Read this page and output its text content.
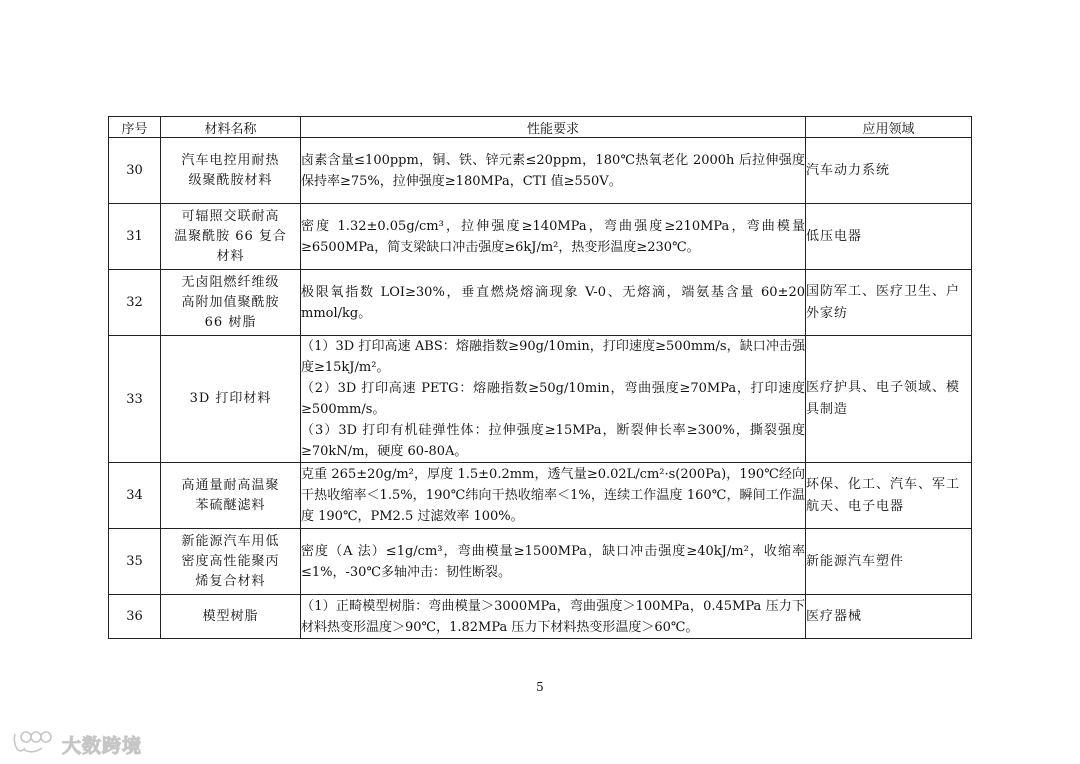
序号	材料名称	性能要求	应用领域
30	汽车电控用耐热
级聚酰胺材料	卤素含量≤100ppm，铜、铁、锌元素≤20ppm，180℃热氧老化 2000h 后拉伸强度保持率≥75%，拉伸强度≥180MPa，CTI 值≥550V。	汽车动力系统
31	可辐照交联耐高
温聚酰胺 66 复合
材料	密度 1.32±0.05g/cm³，拉伸强度≥140MPa，弯曲强度≥210MPa，弯曲模量≥6500MPa，简支梁缺口冲击强度≥6kJ/m²，热变形温度≥230℃。	低压电器
32	无卤阻燃纤维级
高附加值聚酰胺
66 树脂	极限氧指数 LOI≥30%，垂直燃烧熔滴现象 V-0、无熔滴，端氨基含量 60±20 mmol/kg。	国防军工、医疗卫生、户外家纺
33	3D 打印材料	（1）3D 打印高速 ABS：熔融指数≥90g/10min，打印速度≥500mm/s，缺口冲击强度≥15kJ/m²。
（2）3D 打印高速 PETG：熔融指数≥50g/10min，弯曲强度≥70MPa，打印速度≥500mm/s。
（3）3D 打印有机硅弹性体：拉伸强度≥15MPa，断裂伸长率≥300%，撕裂强度≥70kN/m，硬度 60-80A。	医疗护具、电子领域、模具制造
34	高通量耐高温聚
苯硫醚滤料	克重 265±20g/m²，厚度 1.5±0.2mm，透气量≥0.02L/cm²·s(200Pa)，190℃经向干热收缩率＜1.5%，190℃纬向干热收缩率＜1%，连续工作温度 160℃，瞬间工作温度 190℃，PM2.5 过滤效率 100%。	环保、化工、汽车、军工航天、电子电器
35	新能源汽车用低
密度高性能聚丙
烯复合材料	密度（A 法）≤1g/cm³，弯曲模量≥1500MPa，缺口冲击强度≥40kJ/m²，收缩率≤1%，-30℃多轴冲击：韧性断裂。	新能源汽车塑件
36	模型树脂	（1）正畸模型树脂：弯曲模量＞3000MPa，弯曲强度＞100MPa，0.45MPa 压力下材料热变形温度＞90℃，1.82MPa 压力下材料热变形温度＞60℃。	医疗器械
5
大数跨境
